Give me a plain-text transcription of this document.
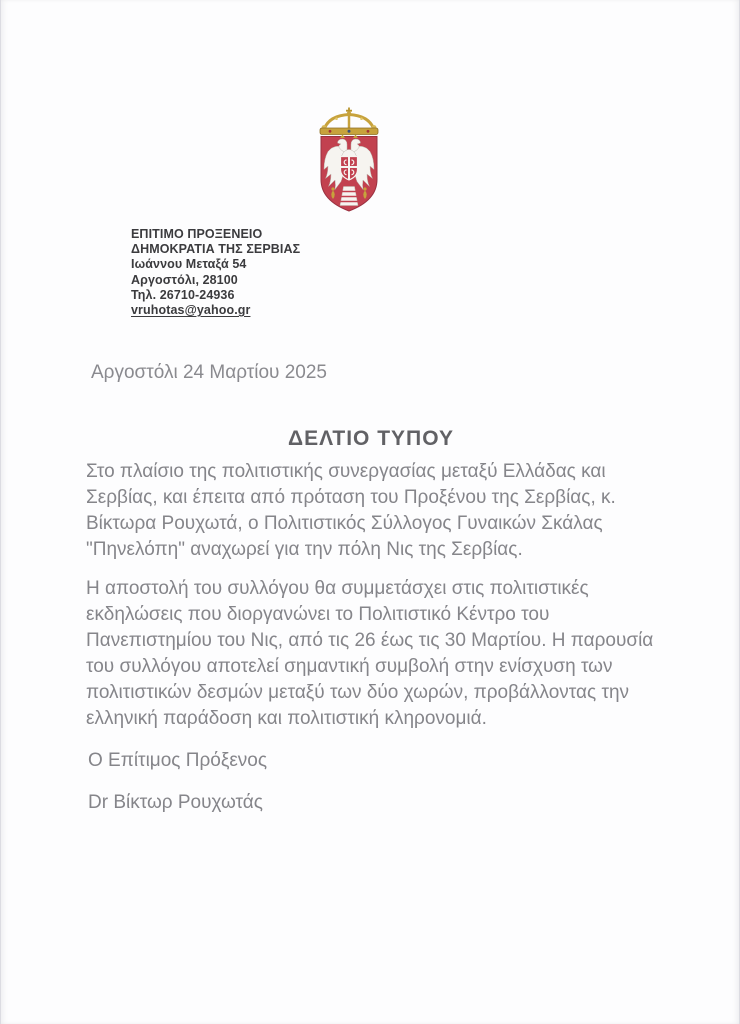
ΕΠΙΤΙΜΟ ΠΡΟΞΕΝΕΙΟ
ΔΗΜΟΚΡΑΤΙΑ ΤΗΣ ΣΕΡΒΙΑΣ
Ιωάννου Μεταξά 54
Αργοστόλι, 28100
Τηλ. 26710-24936
vruhotas@yahoo.gr
Αργοστόλι 24 Μαρτίου 2025
ΔΕΛΤΙΟ ΤΥΠΟΥ

Στο πλαίσιο της πολιτιστικής συνεργασίας μεταξύ Ελλάδας και Σερβίας, και έπειτα από πρόταση του Προξένου της Σερβίας, κ. Βίκτωρα Ρουχωτά, ο Πολιτιστικός Σύλλογος Γυναικών Σκάλας "Πηνελόπη" αναχωρεί για την πόλη Νις της Σερβίας.

Η αποστολή του συλλόγου θα συμμετάσχει στις πολιτιστικές εκδηλώσεις που διοργανώνει το Πολιτιστικό Κέντρο του Πανεπιστημίου του Νις, από τις 26 έως τις 30 Μαρτίου. Η παρουσία του συλλόγου αποτελεί σημαντική συμβολή στην ενίσχυση των πολιτιστικών δεσμών μεταξύ των δύο χωρών, προβάλλοντας την ελληνική παράδοση και πολιτιστική κληρονομιά.

Ο Επίτιμος Πρόξενος
Dr Βίκτωρ Ρουχωτάς
